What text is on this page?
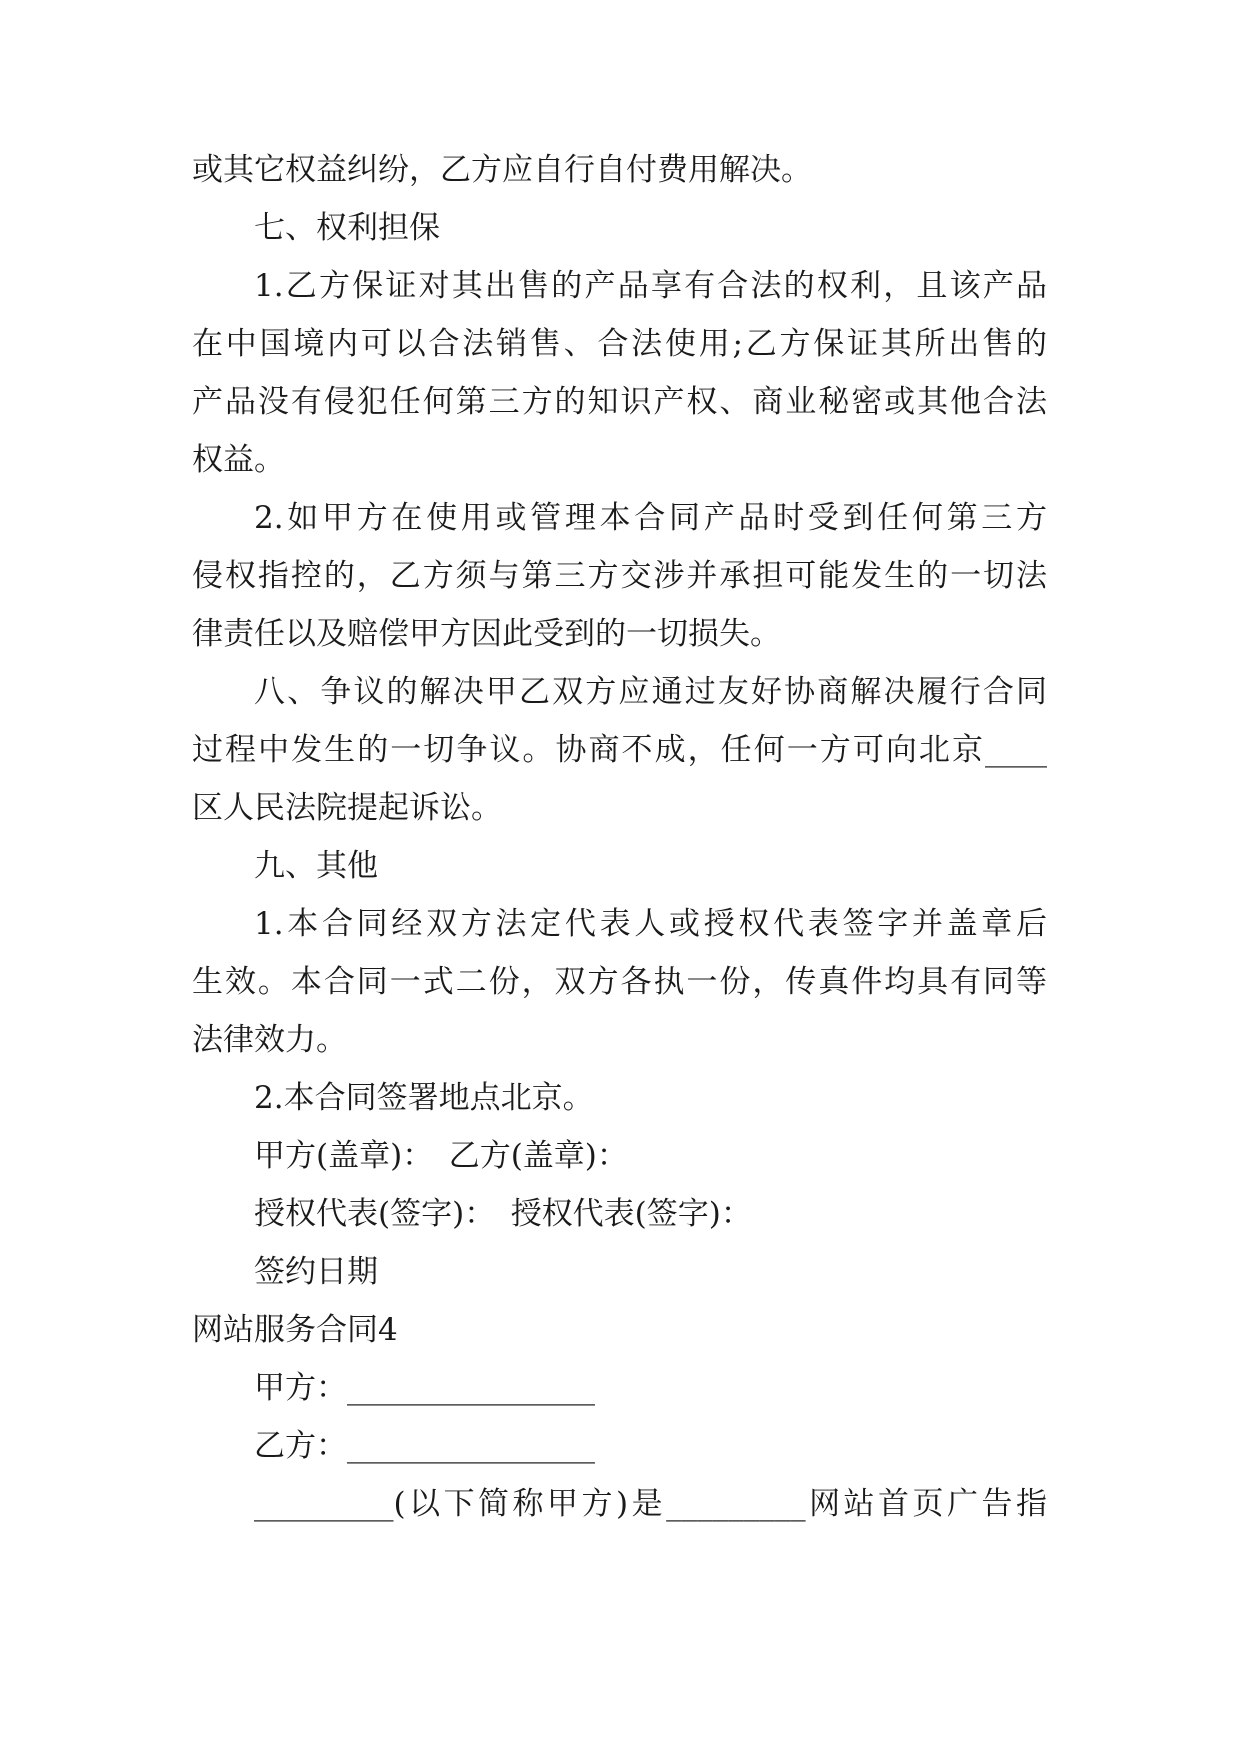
或其它权益纠纷，乙方应自行自付费用解决。
七、权利担保
1.乙方保证对其出售的产品享有合法的权利，且该产品
在中国境内可以合法销售、合法使用;乙方保证其所出售的
产品没有侵犯任何第三方的知识产权、商业秘密或其他合法
权益。
2.如甲方在使用或管理本合同产品时受到任何第三方
侵权指控的，乙方须与第三方交涉并承担可能发生的一切法
律责任以及赔偿甲方因此受到的一切损失。
八、争议的解决甲乙双方应通过友好协商解决履行合同
过程中发生的一切争议。协商不成，任何一方可向北京____
区人民法院提起诉讼。
九、其他
1.本合同经双方法定代表人或授权代表签字并盖章后
生效。本合同一式二份，双方各执一份，传真件均具有同等
法律效力。
2.本合同签署地点北京。
甲方(盖章)：　乙方(盖章)：
授权代表(签字)：　授权代表(签字)：
签约日期
网站服务合同4
甲方：________________
乙方：________________
_________(以下简称甲方)是_________网站首页广告指
